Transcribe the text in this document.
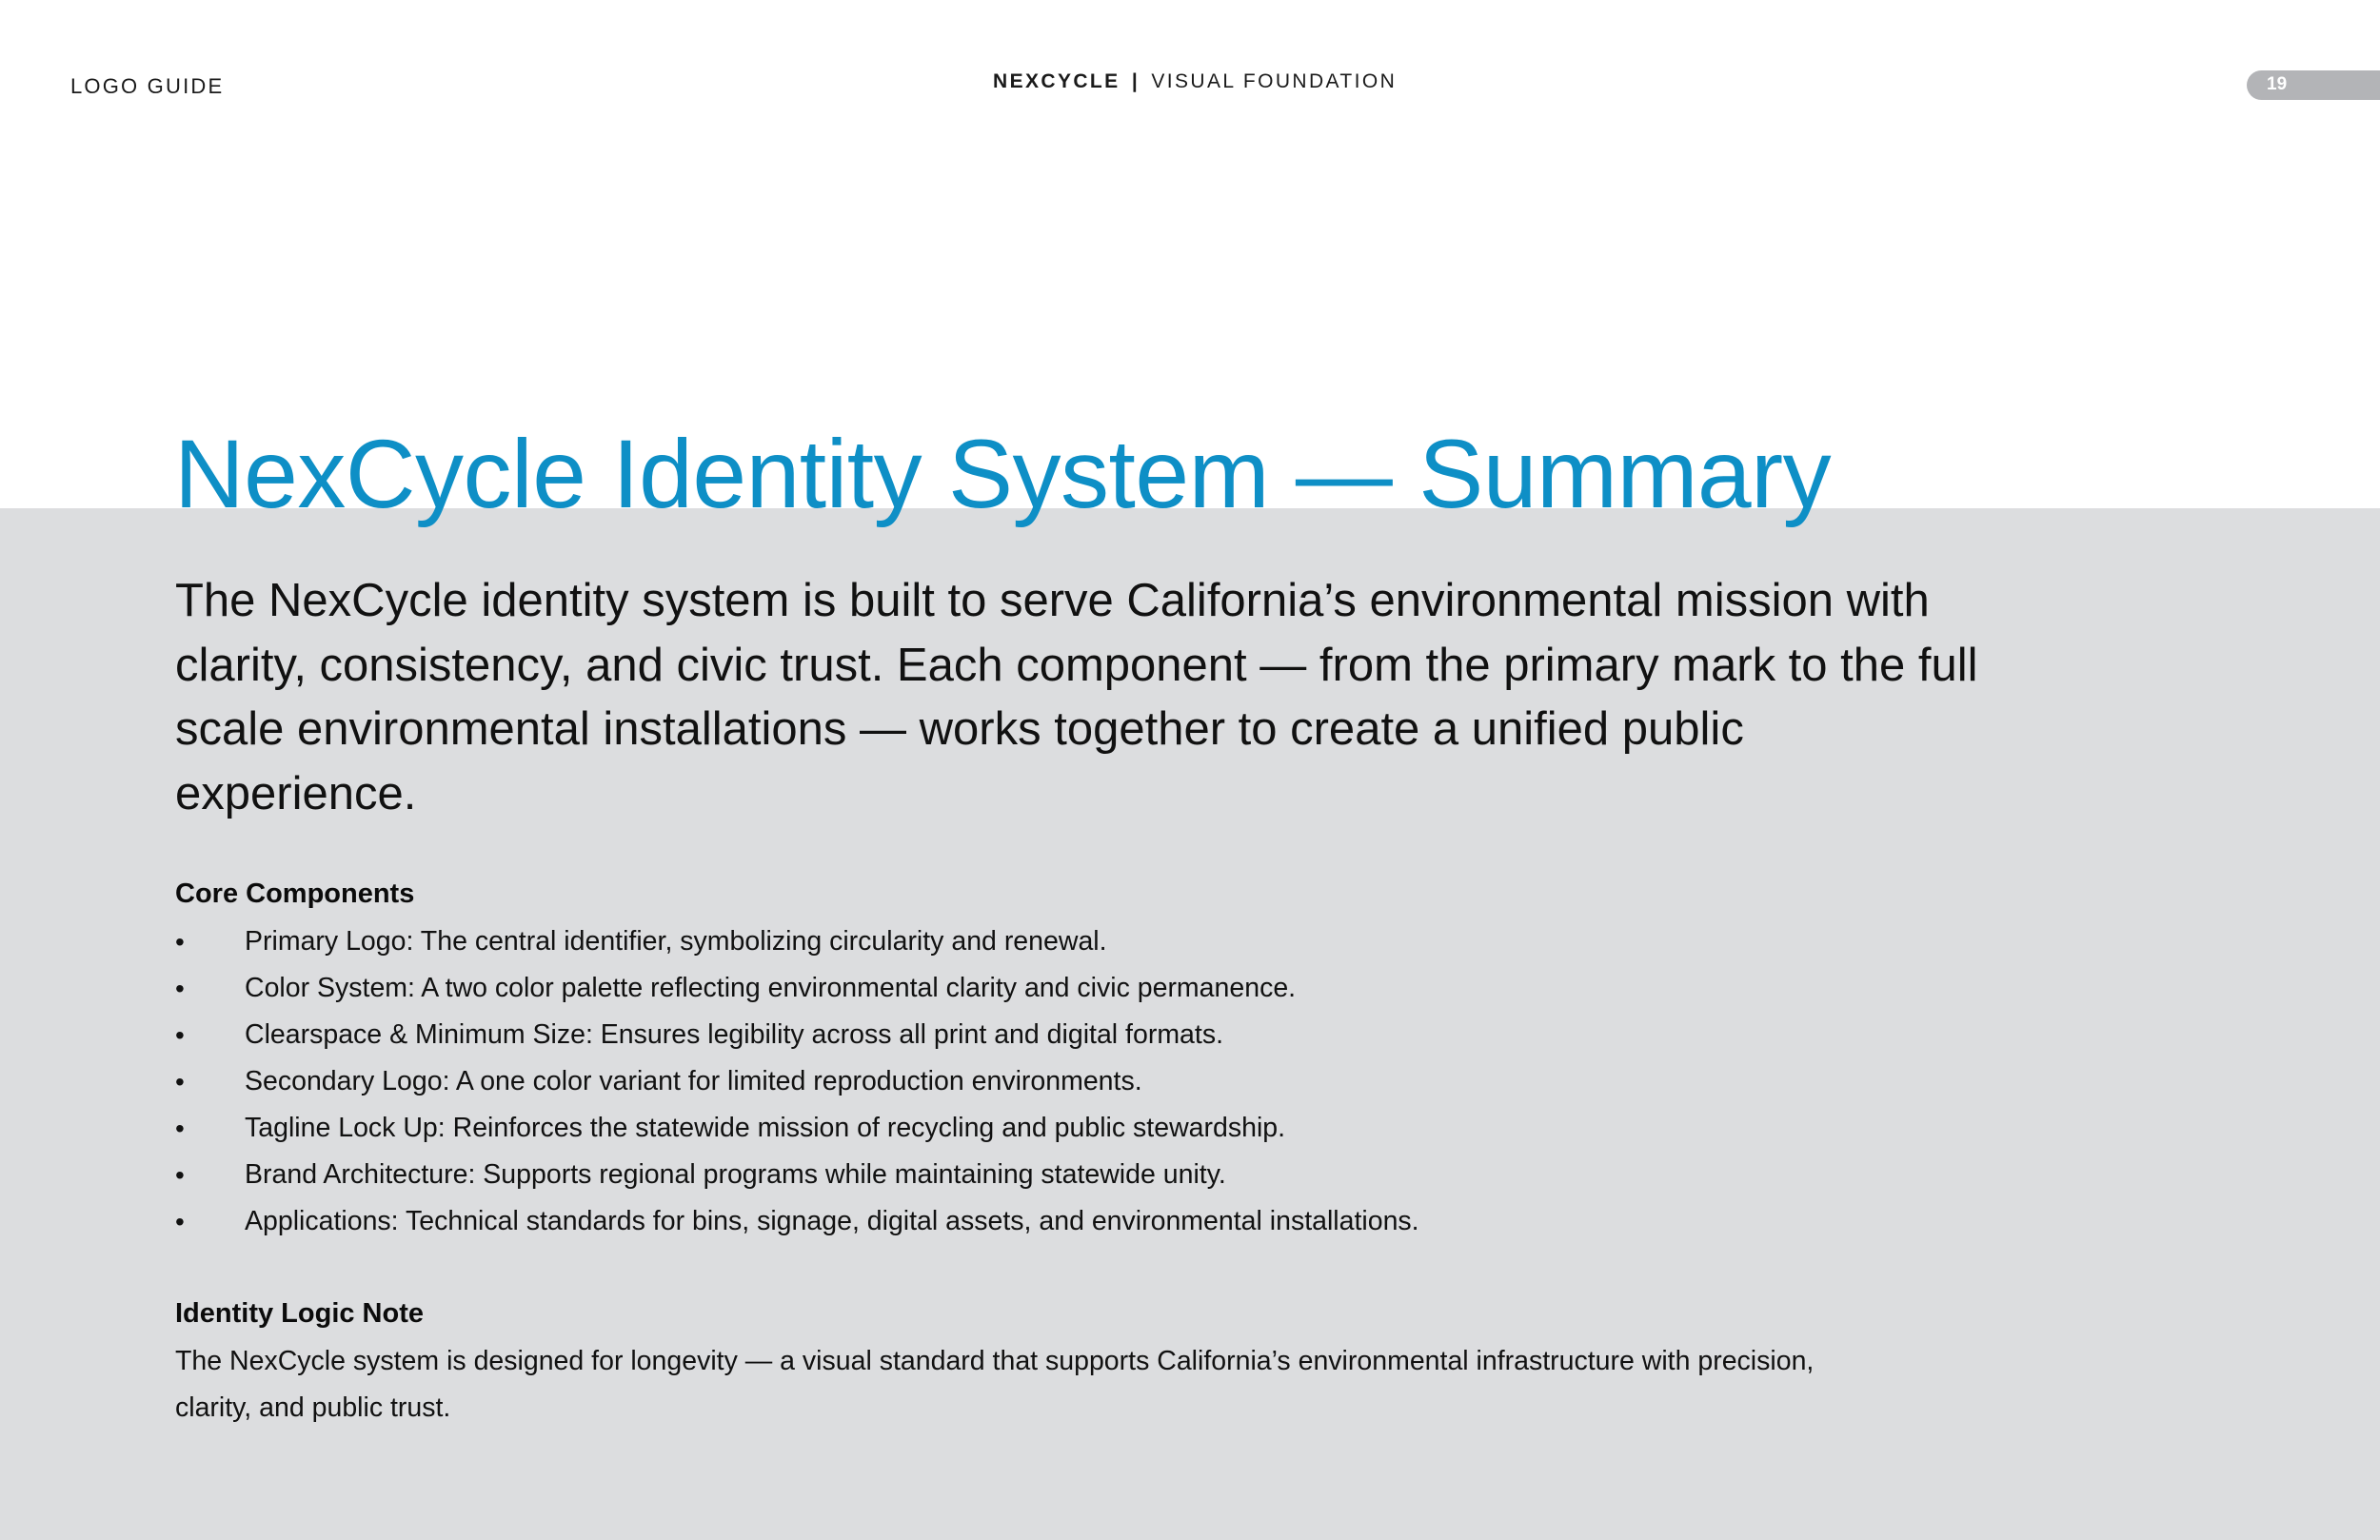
LOGO GUIDE	NEXCYCLE | VISUAL FOUNDATION	19
NexCycle Identity System — Summary

The NexCycle identity system is built to serve California’s environmental mission with clarity, consistency, and civic trust. Each component — from the primary mark to the full scale environmental installations — works together to create a unified public experience.

Core Components
• Primary Logo: The central identifier, symbolizing circularity and renewal.
• Color System: A two color palette reflecting environmental clarity and civic permanence.
• Clearspace & Minimum Size: Ensures legibility across all print and digital formats.
• Secondary Logo: A one color variant for limited reproduction environments.
• Tagline Lock Up: Reinforces the statewide mission of recycling and public stewardship.
• Brand Architecture: Supports regional programs while maintaining statewide unity.
• Applications: Technical standards for bins, signage, digital assets, and environmental installations.
Identity Logic Note

The NexCycle system is designed for longevity — a visual standard that supports California’s environmental infrastructure with precision, clarity, and public trust.
